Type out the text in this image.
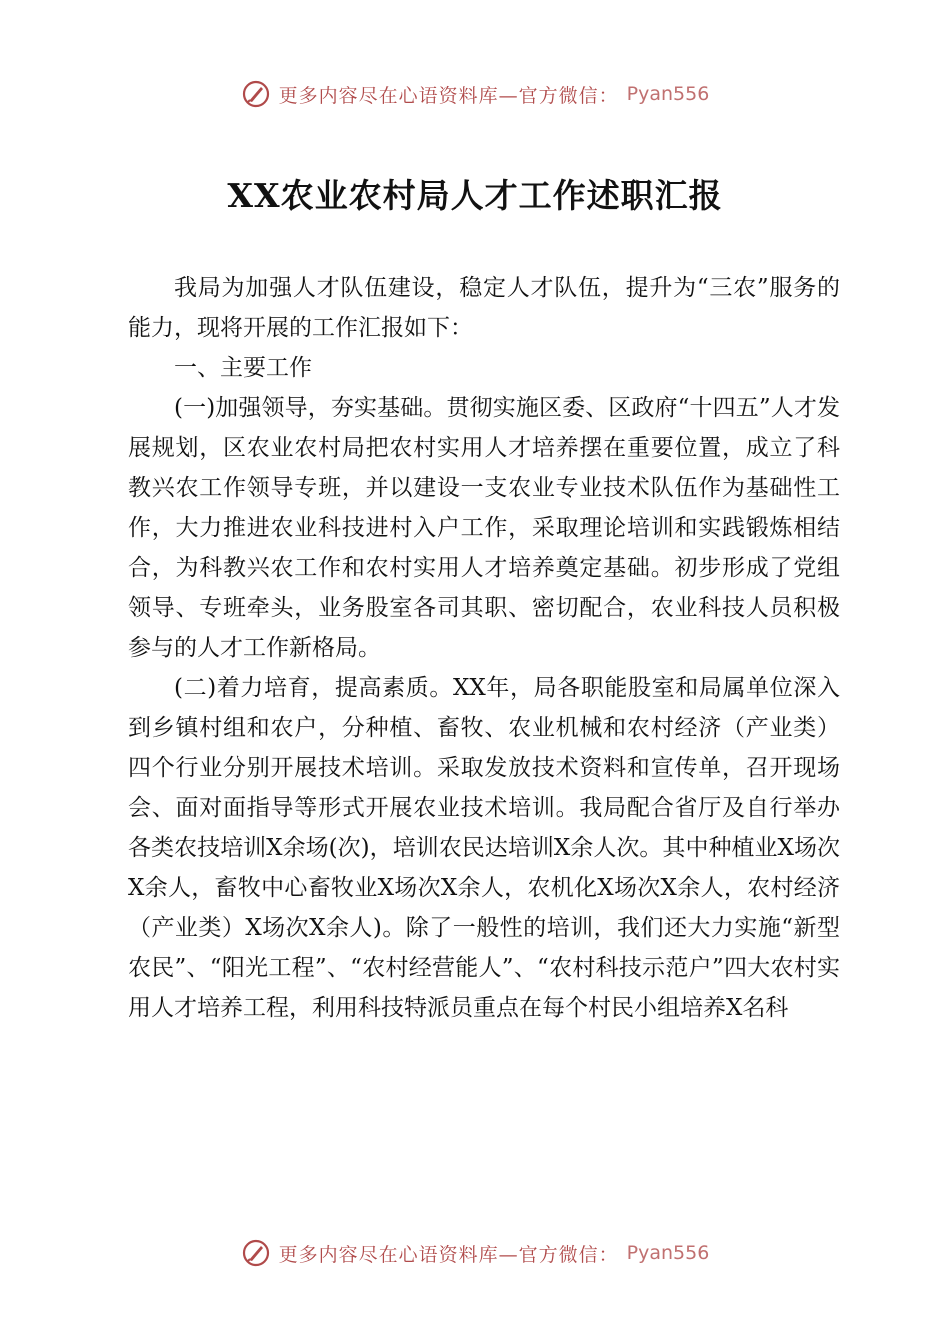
更多内容尽在心语资料库—官方微信： Pyan556
XX农业农村局人才工作述职汇报

我局为加强人才队伍建设，稳定人才队伍，提升为“三农”服务的能力，现将开展的工作汇报如下：

一、主要工作

(一)加强领导，夯实基础。贯彻实施区委、区政府“十四五”人才发展规划，区农业农村局把农村实用人才培养摆在重要位置，成立了科教兴农工作领导专班，并以建设一支农业专业技术队伍作为基础性工作，大力推进农业科技进村入户工作，采取理论培训和实践锻炼相结合，为科教兴农工作和农村实用人才培养奠定基础。初步形成了党组领导、专班牵头，业务股室各司其职、密切配合，农业科技人员积极参与的人才工作新格局。

(二)着力培育，提高素质。XX年，局各职能股室和局属单位深入到乡镇村组和农户，分种植、畜牧、农业机械和农村经济（产业类）四个行业分别开展技术培训。采取发放技术资料和宣传单，召开现场会、面对面指导等形式开展农业技术培训。我局配合省厅及自行举办各类农技培训X余场(次)，培训农民达培训X余人次。其中种植业X场次X余人，畜牧中心畜牧业X场次X余人，农机化X场次X余人，农村经济（产业类）X场次X余人)。除了一般性的培训，我们还大力实施“新型农民”、“阳光工程”、“农村经营能人”、“农村科技示范户”四大农村实用人才培养工程，利用科技特派员重点在每个村民小组培养X名科

更多内容尽在心语资料库—官方微信： Pyan556
